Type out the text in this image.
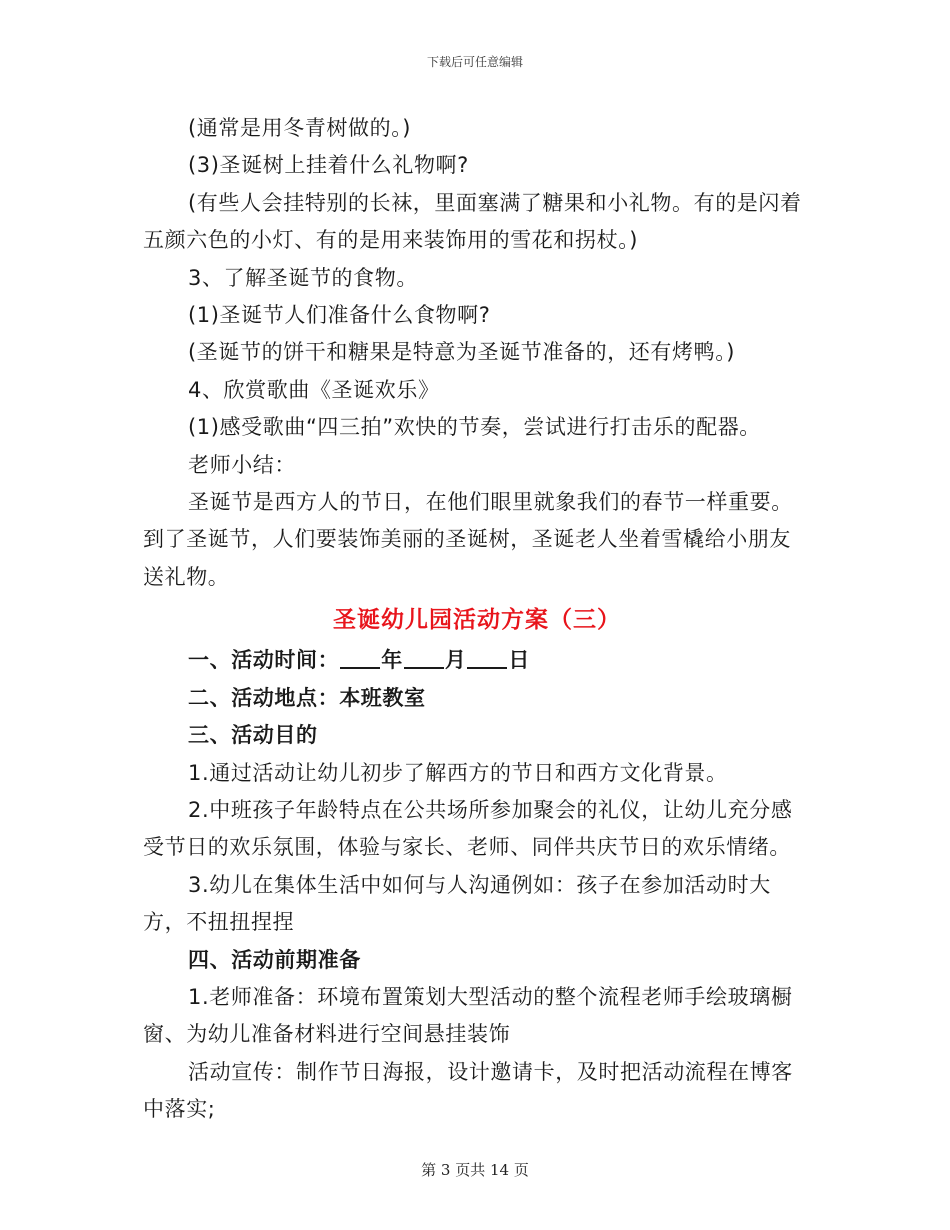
下载后可任意编辑

(通常是用冬青树做的。)

(3)圣诞树上挂着什么礼物啊?

(有些人会挂特别的长袜，里面塞满了糖果和小礼物。有的是闪着五颜六色的小灯、有的是用来装饰用的雪花和拐杖。)

3、了解圣诞节的食物。

(1)圣诞节人们准备什么食物啊?

(圣诞节的饼干和糖果是特意为圣诞节准备的，还有烤鸭。)

4、欣赏歌曲《圣诞欢乐》

(1)感受歌曲“四三拍”欢快的节奏，尝试进行打击乐的配器。

老师小结：

圣诞节是西方人的节日，在他们眼里就象我们的春节一样重要。到了圣诞节，人们要装饰美丽的圣诞树，圣诞老人坐着雪橇给小朋友送礼物。

圣诞幼儿园活动方案（三）

一、活动时间： 年 月 日

二、活动地点：本班教室

三、活动目的

1.通过活动让幼儿初步了解西方的节日和西方文化背景。

2.中班孩子年龄特点在公共场所参加聚会的礼仪，让幼儿充分感受节日的欢乐氛围，体验与家长、老师、同伴共庆节日的欢乐情绪。

3.幼儿在集体生活中如何与人沟通例如：孩子在参加活动时大方，不扭扭捏捏

四、活动前期准备

1.老师准备：环境布置策划大型活动的整个流程老师手绘玻璃橱窗、为幼儿准备材料进行空间悬挂装饰

活动宣传：制作节日海报，设计邀请卡，及时把活动流程在博客中落实;

第 3 页共 14 页
